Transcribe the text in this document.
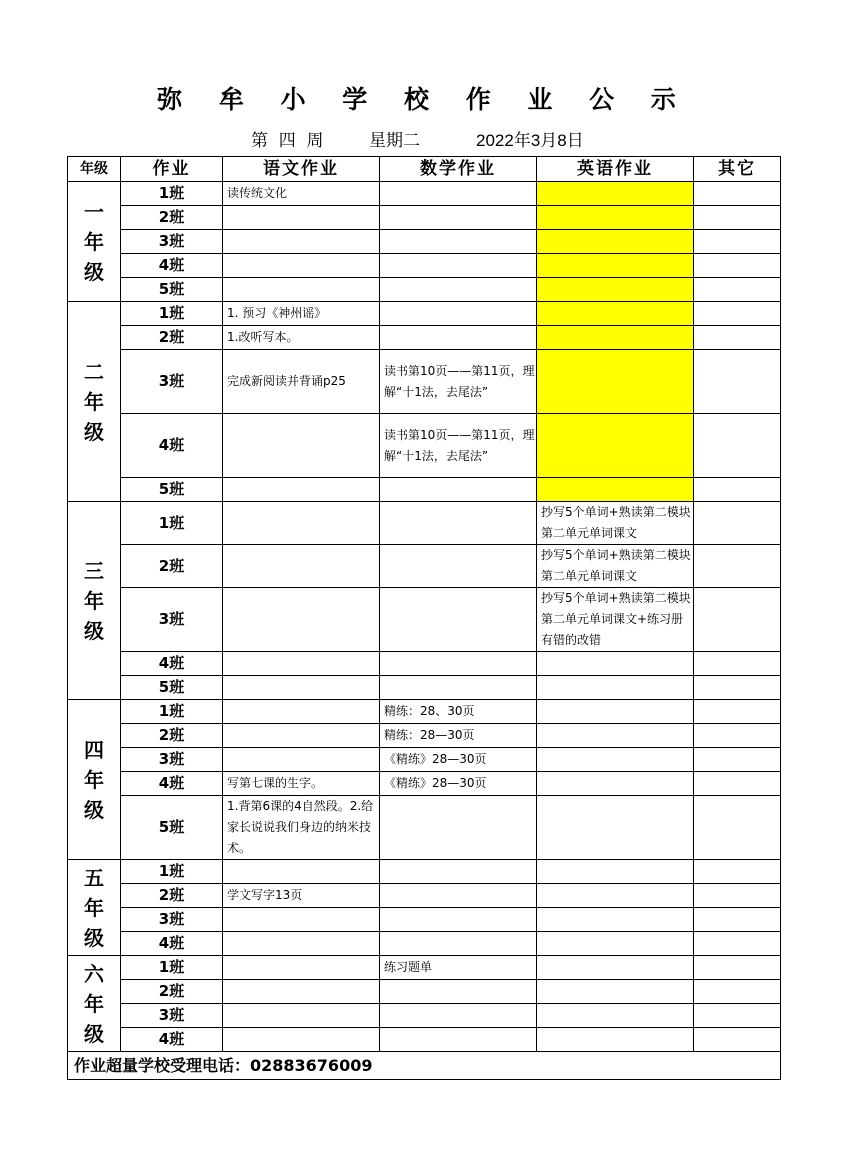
弥 牟 小 学 校 作 业 公 示
第 四 周	星期二	2022年3月8日
年级	作业	语文作业	数学作业	英语作业	其它

一年级	1班	读传统文化			
	2班				
	3班				
	4班				
	5班				

二年级	1班	1. 预习《神州谣》			
	2班	1.改听写本。			
	3班	完成新阅读并背诵p25	读书第10页——第11页，理解“十1法，去尾法”		
	4班		读书第10页——第11页，理解“十1法，去尾法”		
	5班				

三年级	1班			抄写5个单词+熟读第二模块第二单元单词课文	
	2班			抄写5个单词+熟读第二模块第二单元单词课文	
	3班			抄写5个单词+熟读第二模块第二单元单词课文+练习册有错的改错	
	4班				
	5班				

四年级	1班		精练：28、30页		
	2班		精练：28—30页		
	3班		《精练》28—30页		
	4班	写第七课的生字。	《精练》28—30页		
	5班	1.背第6课的4自然段。2.给家长说说我们身边的纳米技术。			

五年级	1班				
	2班	学文写字13页			
	3班				
	4班				

六年级	1班		练习题单		
	2班				
	3班				
	4班				
作业超量学校受理电话：02883676009					
